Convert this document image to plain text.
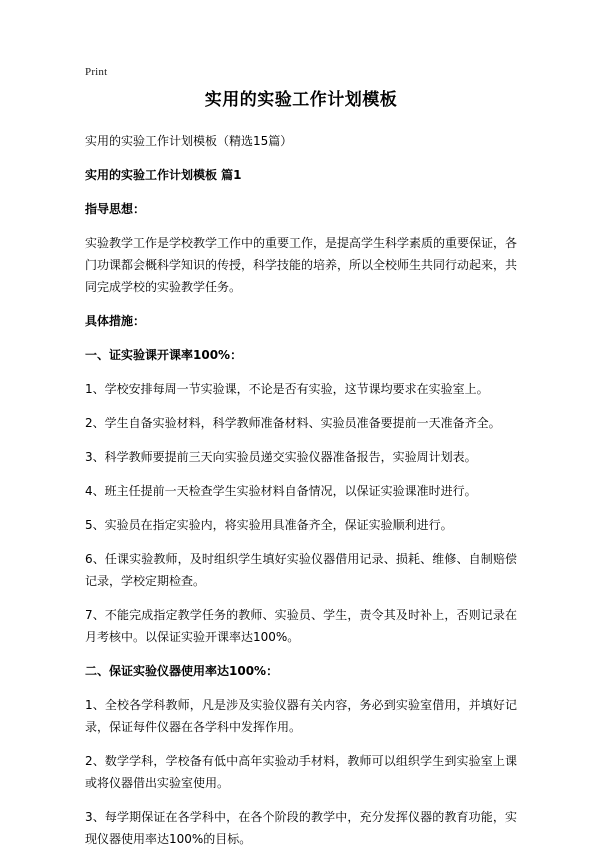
Print
实用的实验工作计划模板

实用的实验工作计划模板（精选15篇）

实用的实验工作计划模板 篇1

指导思想：

实验教学工作是学校教学工作中的重要工作，是提高学生科学素质的重要保证，各门功课都会概科学知识的传授，科学技能的培养，所以全校师生共同行动起来，共同完成学校的实验教学任务。

具体措施：

一、证实验课开课率100%：

1、学校安排每周一节实验课，不论是否有实验，这节课均要求在实验室上。

2、学生自备实验材料，科学教师准备材料、实验员准备要提前一天准备齐全。

3、科学教师要提前三天向实验员递交实验仪器准备报告，实验周计划表。

4、班主任提前一天检查学生实验材料自备情况，以保证实验课准时进行。

5、实验员在指定实验内，将实验用具准备齐全，保证实验顺利进行。

6、任课实验教师，及时组织学生填好实验仪器借用记录、损耗、维修、自制赔偿记录，学校定期检查。

7、不能完成指定教学任务的教师、实验员、学生，责令其及时补上，否则记录在月考核中。以保证实验开课率达100%。

二、保证实验仪器使用率达100%：

1、全校各学科教师，凡是涉及实验仪器有关内容，务必到实验室借用，并填好记录，保证每件仪器在各学科中发挥作用。

2、数学学科，学校备有低中高年实验动手材料，教师可以组织学生到实验室上课或将仪器借出实验室使用。

3、每学期保证在各学科中，在各个阶段的教学中，充分发挥仪器的教育功能，实现仪器使用率达100%的目标。
